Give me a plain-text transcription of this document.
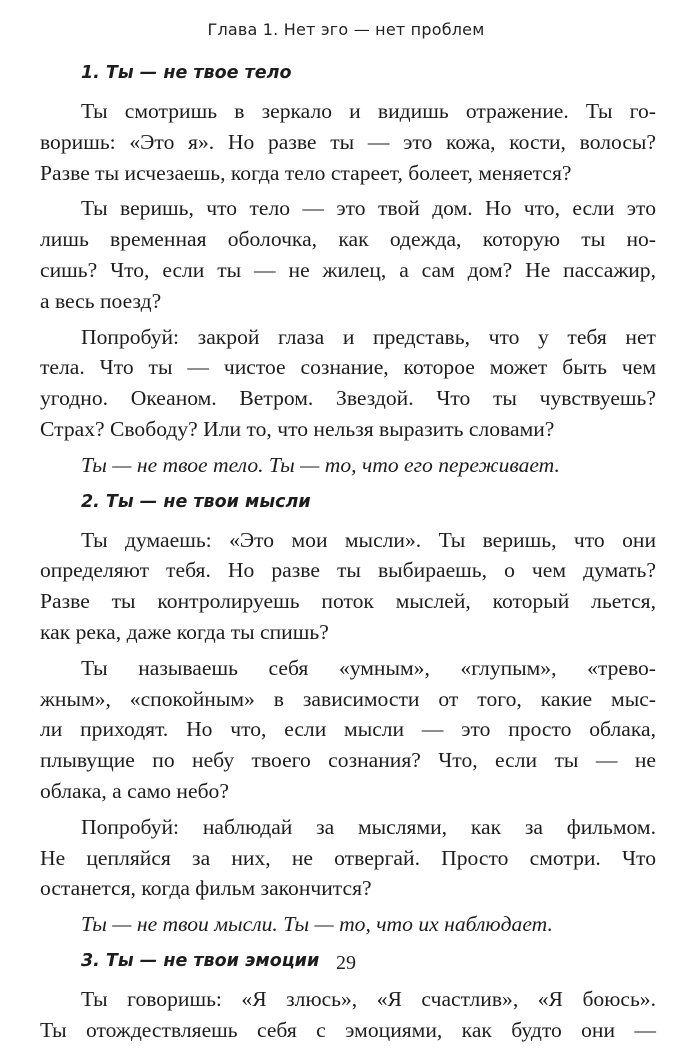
Глава 1. Нет эго — нет проблем
1. Ты — не твое тело

Ты смотришь в зеркало и видишь отражение. Ты го-
воришь: «Это я». Но разве ты — это кожа, кости, волосы?
Разве ты исчезаешь, когда тело стареет, болеет, меняется?

Ты веришь, что тело — это твой дом. Но что, если это
лишь временная оболочка, как одежда, которую ты но-
сишь? Что, если ты — не жилец, а сам дом? Не пассажир,
а весь поезд?

Попробуй: закрой глаза и представь, что у тебя нет
тела. Что ты — чистое сознание, которое может быть чем
угодно. Океаном. Ветром. Звездой. Что ты чувствуешь?
Страх? Свободу? Или то, что нельзя выразить словами?

Ты — не твое тело. Ты — то, что его переживает.

2. Ты — не твои мысли

Ты думаешь: «Это мои мысли». Ты веришь, что они
определяют тебя. Но разве ты выбираешь, о чем думать?
Разве ты контролируешь поток мыслей, который льется,
как река, даже когда ты спишь?

Ты называешь себя «умным», «глупым», «трево-
жным», «спокойным» в зависимости от того, какие мыс-
ли приходят. Но что, если мысли — это просто облака,
плывущие по небу твоего сознания? Что, если ты — не
облака, а само небо?

Попробуй: наблюдай за мыслями, как за фильмом.
Не цепляйся за них, не отвергай. Просто смотри. Что
останется, когда фильм закончится?

Ты — не твои мысли. Ты — то, что их наблюдает.

3. Ты — не твои эмоции

Ты говоришь: «Я злюсь», «Я счастлив», «Я боюсь».
Ты отождествляешь себя с эмоциями, как будто они —

29
